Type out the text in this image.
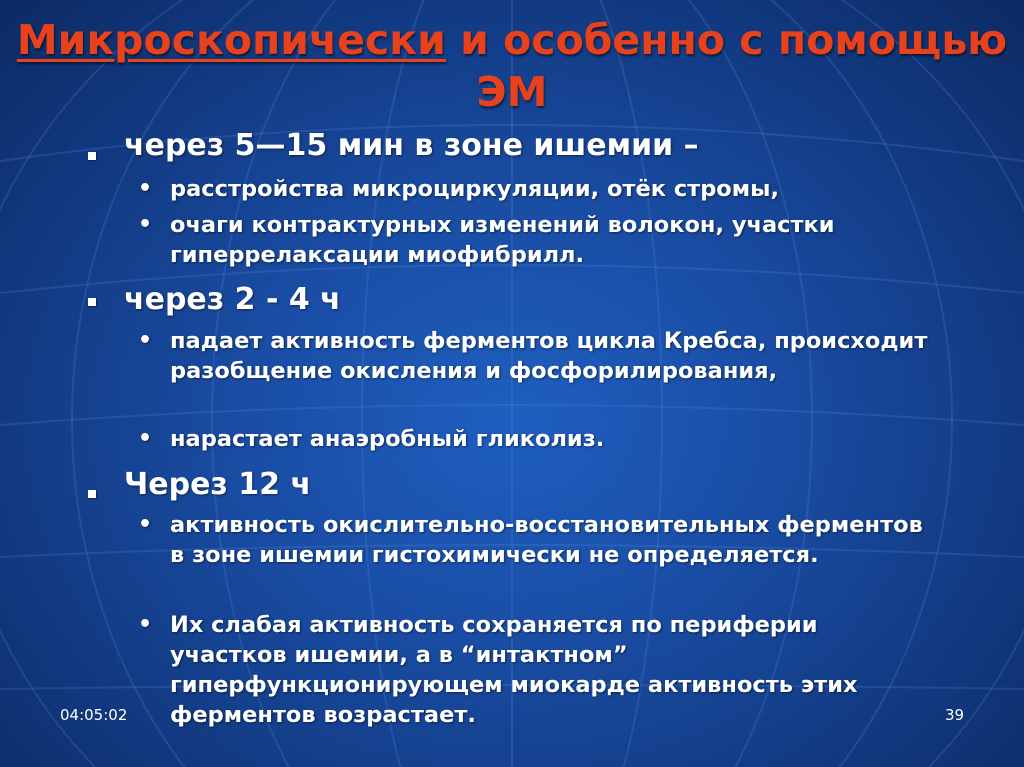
Микроскопически и особенно с помощью ЭМ
через 5—15 мин в зоне ишемии –
• расстройства микроциркуляции, отёк стромы,
• очаги контрактурных изменений волокон, участки гиперрелаксации миофибрилл.
через 2 - 4 ч
• падает активность ферментов цикла Кребса, происходит разобщение окисления и фосфорилирования,
• нарастает анаэробный гликолиз.
Через 12 ч
• активность окислительно-восстановительных ферментов в зоне ишемии гистохимически не определяется.
• Их слабая активность сохраняется по периферии участков ишемии, а в “интактном” гиперфункционирующем миокарде активность этих ферментов возрастает.
04:05:02	39
